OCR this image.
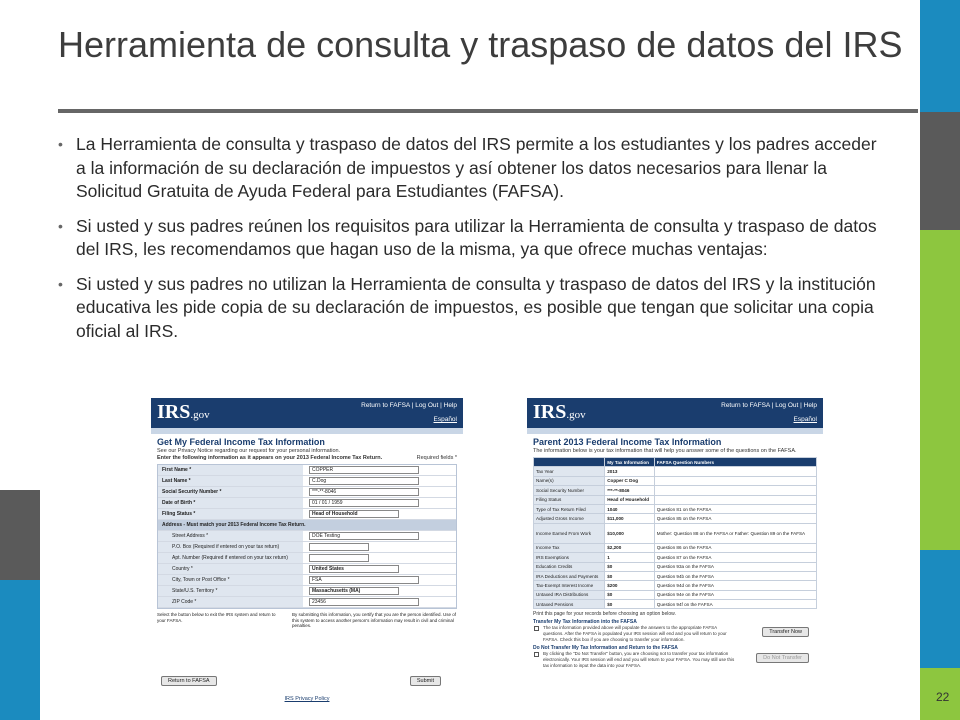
Herramienta de consulta y traspaso de datos del IRS
• La Herramienta de consulta y traspaso de datos del IRS permite a los estudiantes y los padres acceder a la información de su declaración de impuestos y así obtener los datos necesarios para llenar la Solicitud Gratuita de Ayuda Federal para Estudiantes (FAFSA).
• Si usted y sus padres reúnen los requisitos para utilizar la Herramienta de consulta y traspaso de datos del IRS, les recomendamos que hagan uso de la misma, ya que ofrece muchas ventajas:
• Si usted y sus padres no utilizan la Herramienta de consulta y traspaso de datos del IRS y la institución educativa les pide copia de su declaración de impuestos, es posible que tengan que solicitar una copia oficial al IRS.
IRS.gov
Return to FAFSA | Log Out | Help
Español
Get My Federal Income Tax Information
See our Privacy Notice regarding our request for your personal information.
Enter the following information as it appears on your 2013 Federal Income Tax Return.	Required fields *
First Name *	COPPER
Last Name *	C.Dog
Social Security Number *	***-**-8046
Date of Birth *	01 / 01 / 1959
Filing Status *	Head of Household
Address - Must match your 2013 Federal Income Tax Return.
Street Address *	DOE Testing
P.O. Box (Required if entered on your tax return)
Apt. Number (Required if entered on your tax return)
Country *	United States
City, Town or Post Office *	FSA
State/U.S. Territory *	Massachusetts (MA)
ZIP Code *	23456
Select the button below to exit the IRS system and return to your FAFSA.
By submitting this information, you certify that you are the person identified. Use of this system to access another person's information may result in civil and criminal penalties.
Return to FAFSA	Submit
IRS Privacy Policy
IRS.gov
Return to FAFSA | Log Out | Help
Español
Parent 2013 Federal Income Tax Information
The information below is your tax information that will help you answer some of the questions on the FAFSA.
	My Tax Information	FAFSA Question Numbers
Tax Year	2013	
Name(s)	Copper C Dog	
Social Security Number	***-**-8046	
Filing Status	Head of Household	
Type of Tax Return Filed	1040	Question 81 on the FAFSA
Adjusted Gross Income	$11,000	Question 85 on the FAFSA
Income Earned From Work	$10,000	Mother: Question 88 on the FAFSA or Father: Question 89 on the FAFSA
Income Tax	$2,200	Question 86 on the FAFSA
IRS Exemptions	1	Question 87 on the FAFSA
Education Credits	$0	Question 93a on the FAFSA
IRA Deductions and Payments	$0	Question 94b on the FAFSA
Tax-Exempt Interest Income	$200	Question 94d on the FAFSA
Untaxed IRA Distributions	$0	Question 94e on the FAFSA
Untaxed Pensions	$0	Question 94f on the FAFSA
Print this page for your records before choosing an option below.
Transfer My Tax Information into the FAFSA
The tax information provided above will populate the answers to the appropriate FAFSA questions. After the FAFSA is populated your IRS session will end and you will return to your FAFSA. Check this box if you are choosing to transfer your information.
Transfer Now
Do Not Transfer My Tax Information and Return to the FAFSA
By clicking the "Do Not Transfer" button, you are choosing not to transfer your tax information electronically. Your IRS session will end and you will return to your FAFSA. You may still use this tax information to input the data into your FAFSA.
Do Not Transfer
22
